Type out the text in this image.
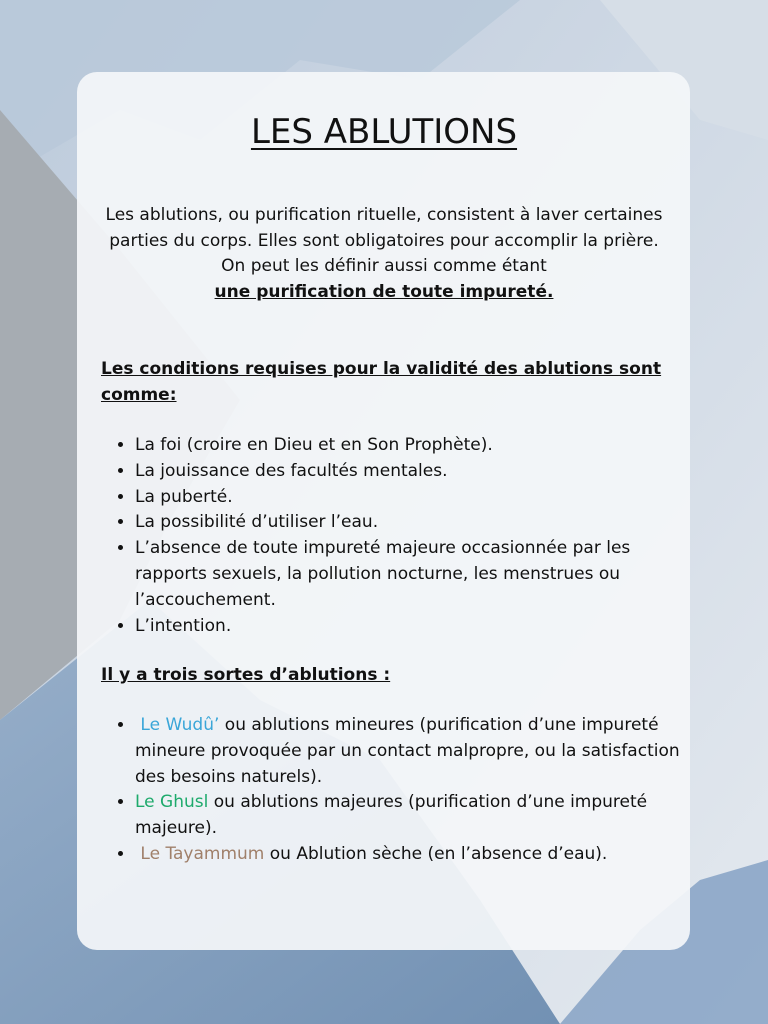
LES ABLUTIONS

Les ablutions, ou purification rituelle, consistent à laver certaines parties du corps. Elles sont obligatoires pour accomplir la prière. On peut les définir aussi comme étant
une purification de toute impureté.

Les conditions requises pour la validité des ablutions sont comme:

• La foi (croire en Dieu et en Son Prophète).
• La jouissance des facultés mentales.
• La puberté.
• La possibilité d’utiliser l’eau.
• L’absence de toute impureté majeure occasionnée par les rapports sexuels, la pollution nocturne, les menstrues ou l’accouchement.
• L’intention.

Il y a trois sortes d’ablutions :

• Le Wudû’ ou ablutions mineures (purification d’une impureté mineure provoquée par un contact malpropre, ou la satisfaction des besoins naturels).
• Le Ghusl ou ablutions majeures (purification d’une impureté majeure).
• Le Tayammum ou Ablution sèche (en l’absence d’eau).
